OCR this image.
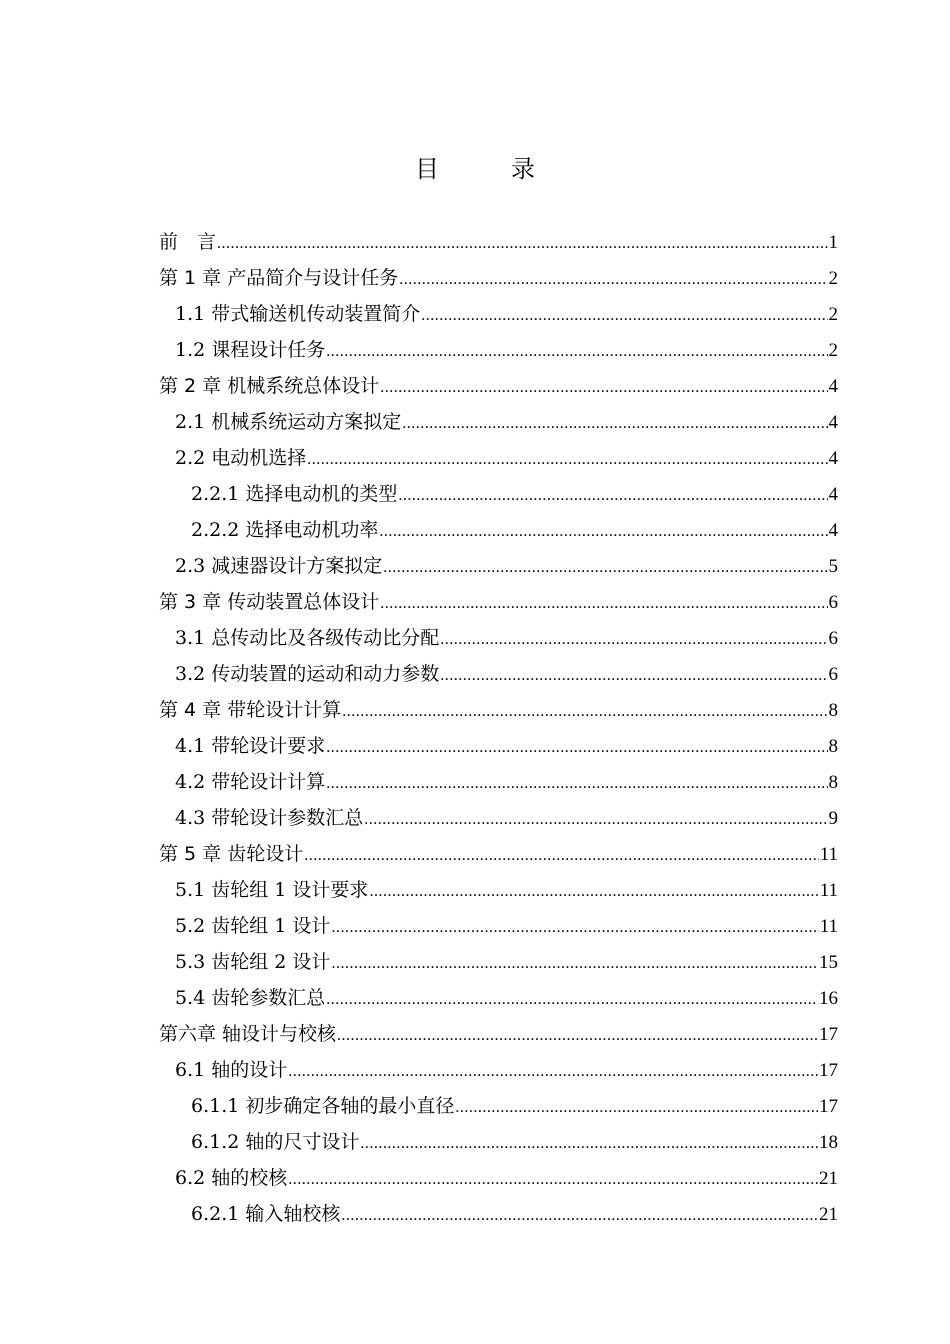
目　录
前　言 .....	1
第 1 章 产品简介与设计任务 .....	2
1.1 带式输送机传动装置简介 .....	2
1.2 课程设计任务 .....	2
第 2 章 机械系统总体设计 .....	4
2.1 机械系统运动方案拟定 .....	4
2.2 电动机选择 .....	4
2.2.1 选择电动机的类型 .....	4
2.2.2 选择电动机功率 .....	4
2.3 减速器设计方案拟定 .....	5
第 3 章 传动装置总体设计 .....	6
3.1 总传动比及各级传动比分配 .....	6
3.2 传动装置的运动和动力参数 .....	6
第 4 章 带轮设计计算 .....	8
4.1 带轮设计要求 .....	8
4.2 带轮设计计算 .....	8
4.3 带轮设计参数汇总 .....	9
第 5 章 齿轮设计 .....	11
5.1 齿轮组 1 设计要求 .....	11
5.2 齿轮组 1 设计 .....	11
5.3 齿轮组 2 设计 .....	15
5.4 齿轮参数汇总 .....	16
第六章 轴设计与校核 .....	17
6.1 轴的设计 .....	17
6.1.1 初步确定各轴的最小直径 .....	17
6.1.2 轴的尺寸设计 .....	18
6.2 轴的校核 .....	21
6.2.1 输入轴校核 .....	21
